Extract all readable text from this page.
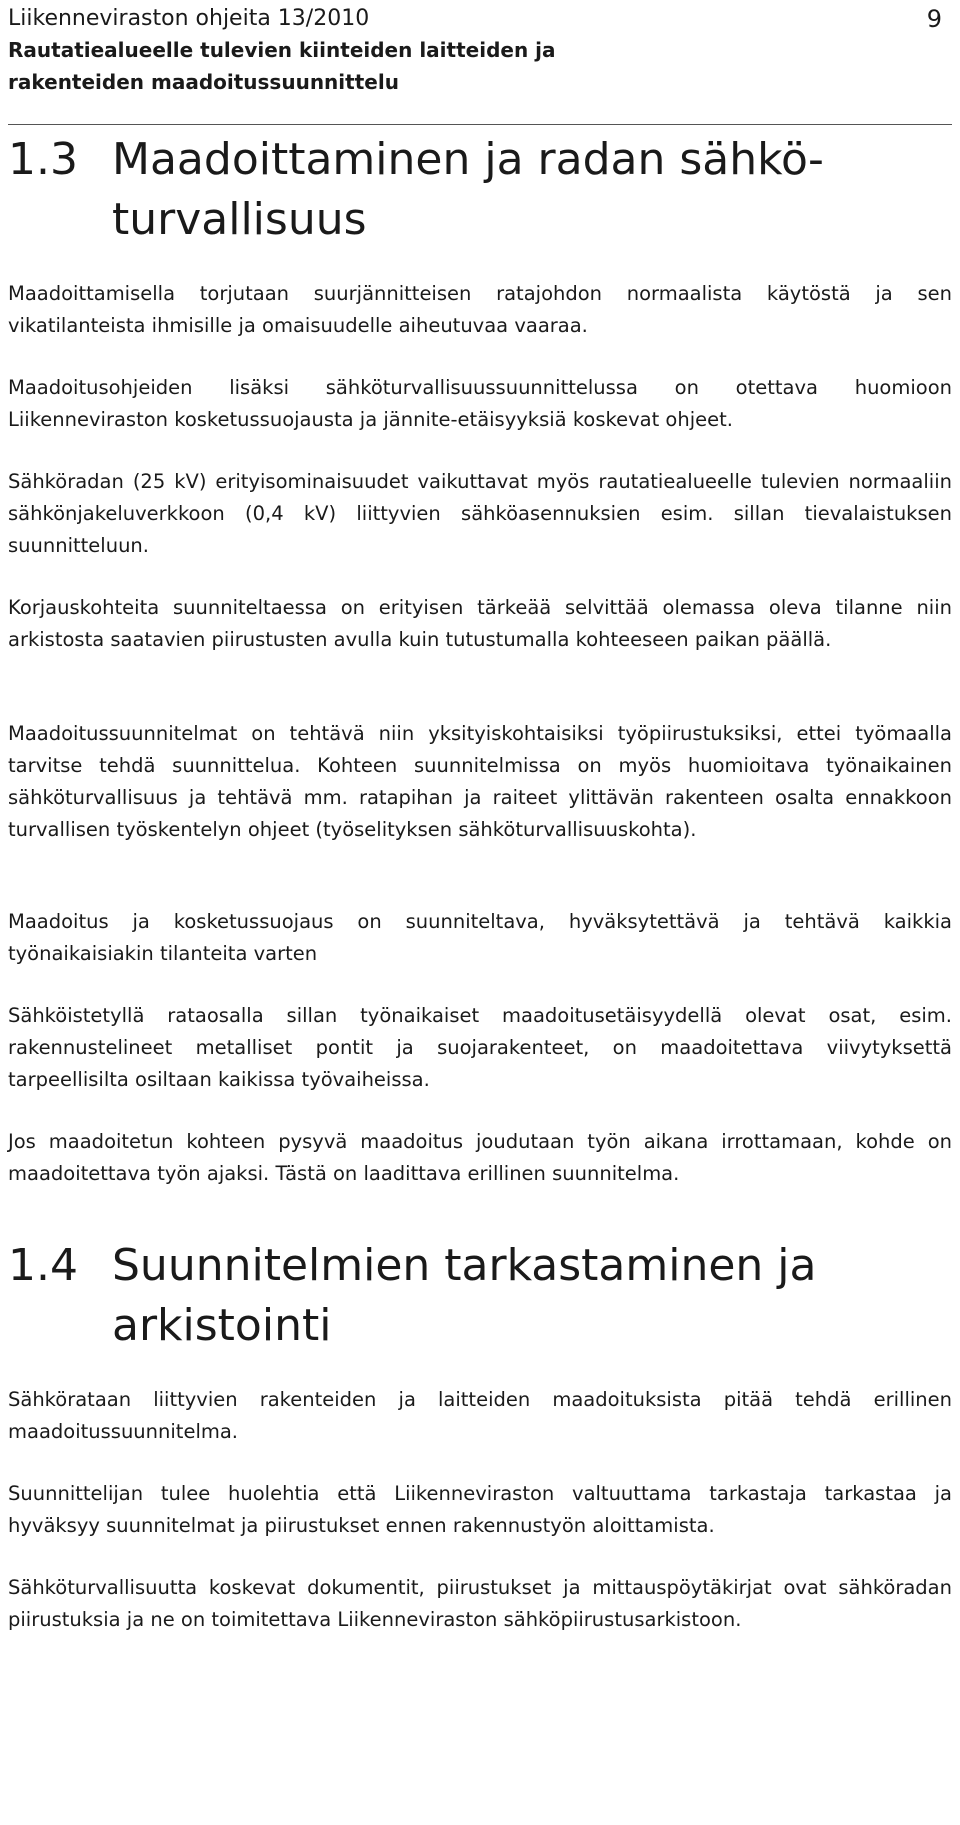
Liikenneviraston ohjeita 13/2010	9
Rautatiealueelle tulevien kiinteiden laitteiden ja rakenteiden maadoitussuunnittelu
1.3 Maadoittaminen ja radan sähköturvallisuus

Maadoittamisella torjutaan suurjännitteisen ratajohdon normaalista käytöstä ja sen vikatilanteista ihmisille ja omaisuudelle aiheutuvaa vaaraa.

Maadoitusohjeiden lisäksi sähköturvallisuussuunnittelussa on otettava huomioon Liikenneviraston kosketussuojausta ja jännite-etäisyyksiä koskevat ohjeet.

Sähköradan (25 kV) erityisominaisuudet vaikuttavat myös rautatiealueelle tulevien normaaliin sähkönjakeluverkkoon (0,4 kV) liittyvien sähköasennuksien esim. sillan tievalaistuksen suunnitteluun.

Korjauskohteita suunniteltaessa on erityisen tärkeää selvittää olemassa oleva tilanne niin arkistosta saatavien piirustusten avulla kuin tutustumalla kohteeseen paikan päällä.

Maadoitussuunnitelmat on tehtävä niin yksityiskohtaisiksi työpiirustuksiksi, ettei työmaalla tarvitse tehdä suunnittelua. Kohteen suunnitelmissa on myös huomioitava työnaikainen sähköturvallisuus ja tehtävä mm. ratapihan ja raiteet ylittävän rakenteen osalta ennakkoon turvallisen työskentelyn ohjeet (työselityksen sähköturvallisuuskohta).

Maadoitus ja kosketussuojaus on suunniteltava, hyväksytettävä ja tehtävä kaikkia työnaikaisiakin tilanteita varten

Sähköistetyllä rataosalla sillan työnaikaiset maadoitusetäisyydellä olevat osat, esim. rakennustelineet metalliset pontit ja suojarakenteet, on maadoitettava viivytyksettä tarpeellisilta osiltaan kaikissa työvaiheissa.

Jos maadoitetun kohteen pysyvä maadoitus joudutaan työn aikana irrottamaan, kohde on maadoitettava työn ajaksi. Tästä on laadittava erillinen suunnitelma.

1.4 Suunnitelmien tarkastaminen ja arkistointi

Sähkörataan liittyvien rakenteiden ja laitteiden maadoituksista pitää tehdä erillinen maadoitussuunnitelma.

Suunnittelijan tulee huolehtia että Liikenneviraston valtuuttama tarkastaja tarkastaa ja hyväksyy suunnitelmat ja piirustukset ennen rakennustyön aloittamista.

Sähköturvallisuutta koskevat dokumentit, piirustukset ja mittauspöytäkirjat ovat sähköradan piirustuksia ja ne on toimitettava Liikenneviraston sähköpiirustusarkistoon.
